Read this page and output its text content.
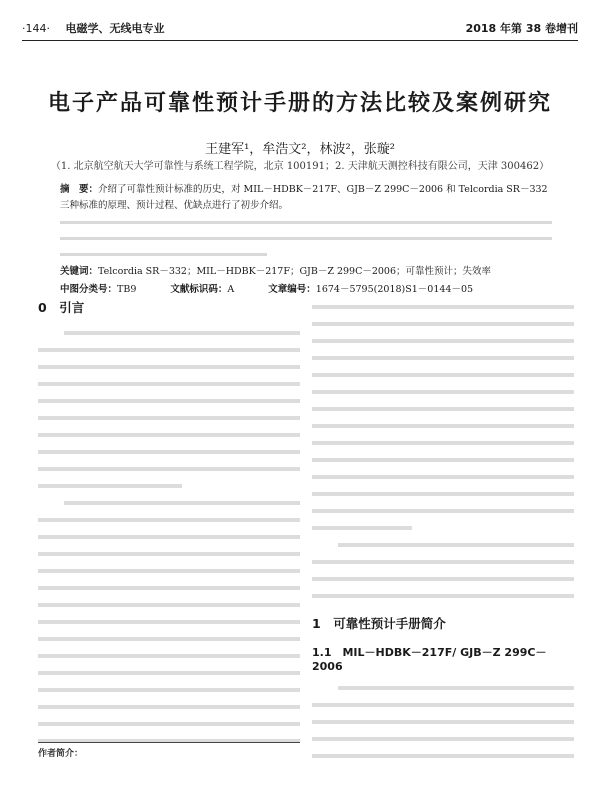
·144· 电磁学、无线电专业	2018 年第 38 卷增刊
电子产品可靠性预计手册的方法比较及案例研究
王建军¹，牟浩文²，林波²，张璇²
（1. 北京航空航天大学可靠性与系统工程学院，北京 100191；2. 天津航天测控科技有限公司，天津 300462）
摘　要：介绍了可靠性预计标准的历史，对 MIL－HDBK－217F、GJB－Z 299C－2006 和 Telcordia SR－332 三种标准的原理、预计过程、优缺点进行了初步介绍。
关键词：Telcordia SR－332；MIL－HDBK－217F；GJB－Z 299C－2006；可靠性预计；失效率
中图分类号：TB9	文献标识码：A	文章编号：1674－5795(2018)S1－0144－05
0　引言
1　可靠性预计手册简介
1.1　MIL－HDBK－217F/ GJB－Z 299C－2006
作者简介：
